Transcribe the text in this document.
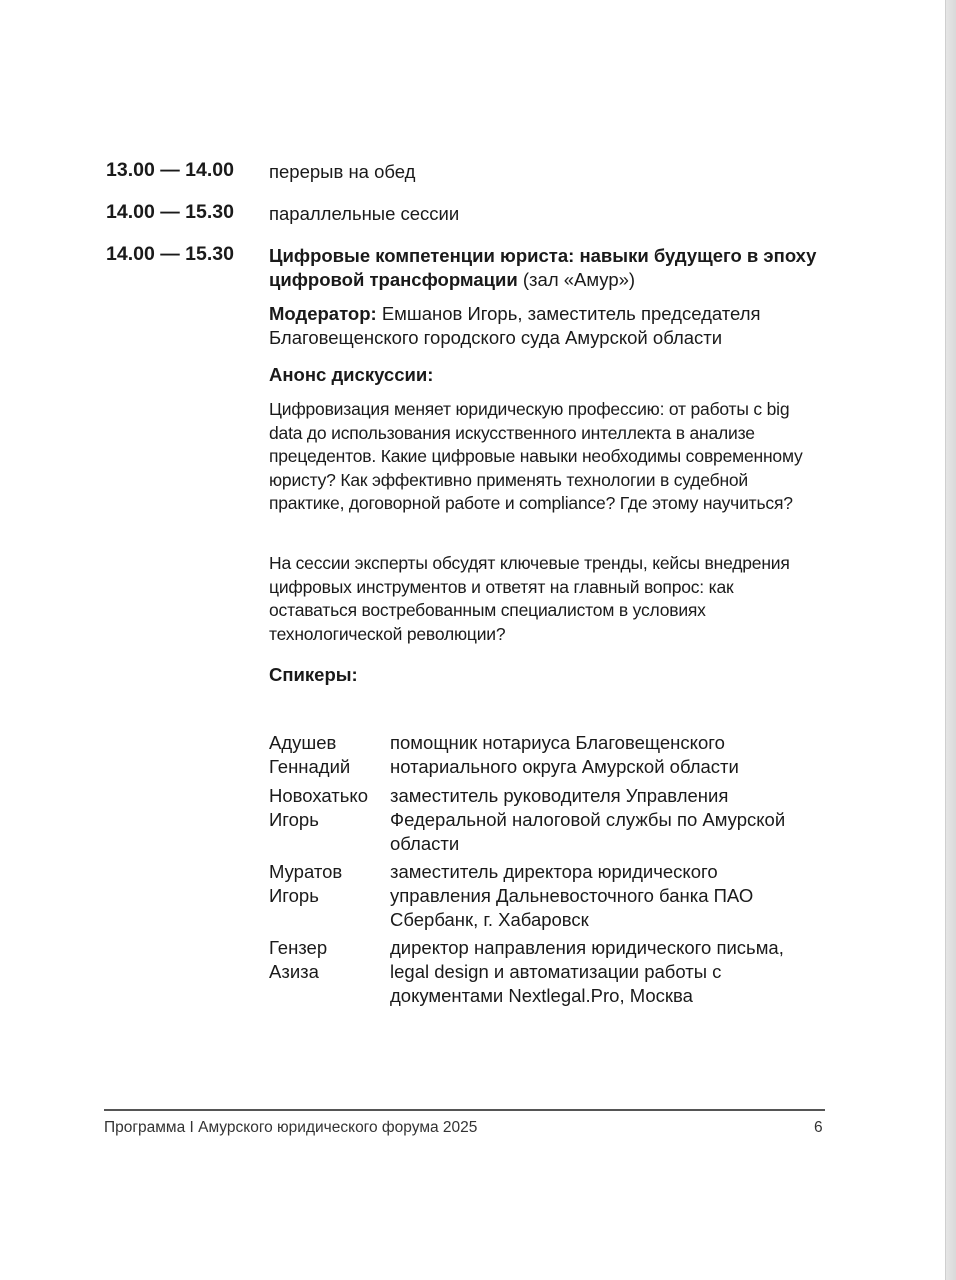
13.00 — 14.00 перерыв на обед
14.00 — 15.30 параллельные сессии
14.00 — 15.30 Цифровые компетенции юриста: навыки будущего в эпоху цифровой трансформации (зал «Амур»)
Модератор: Емшанов Игорь, заместитель председателя Благовещенского городского суда Амурской области
Анонс дискуссии:
Цифровизация меняет юридическую профессию: от работы с big data до использования искусственного интеллекта в анализе прецедентов. Какие цифровые навыки необходимы современному юристу? Как эффективно применять технологии в судебной практике, договорной работе и compliance? Где этому научиться?
На сессии эксперты обсудят ключевые тренды, кейсы внедрения цифровых инструментов и ответят на главный вопрос: как оставаться востребованным специалистом в условиях технологической революции?
Спикеры:
Адушев
Геннадий
помощник нотариуса Благовещенского нотариального округа Амурской области
Новохатько
Игорь
заместитель руководителя Управления Федеральной налоговой службы по Амурской области
Муратов
Игорь
заместитель директора юридического управления Дальневосточного банка ПАО Сбербанк, г. Хабаровск
Гензер
Азиза
директор направления юридического письма, legal design и автоматизации работы с документами Nextlegal.Pro, Москва
Программа I Амурского юридического форума 2025	6
